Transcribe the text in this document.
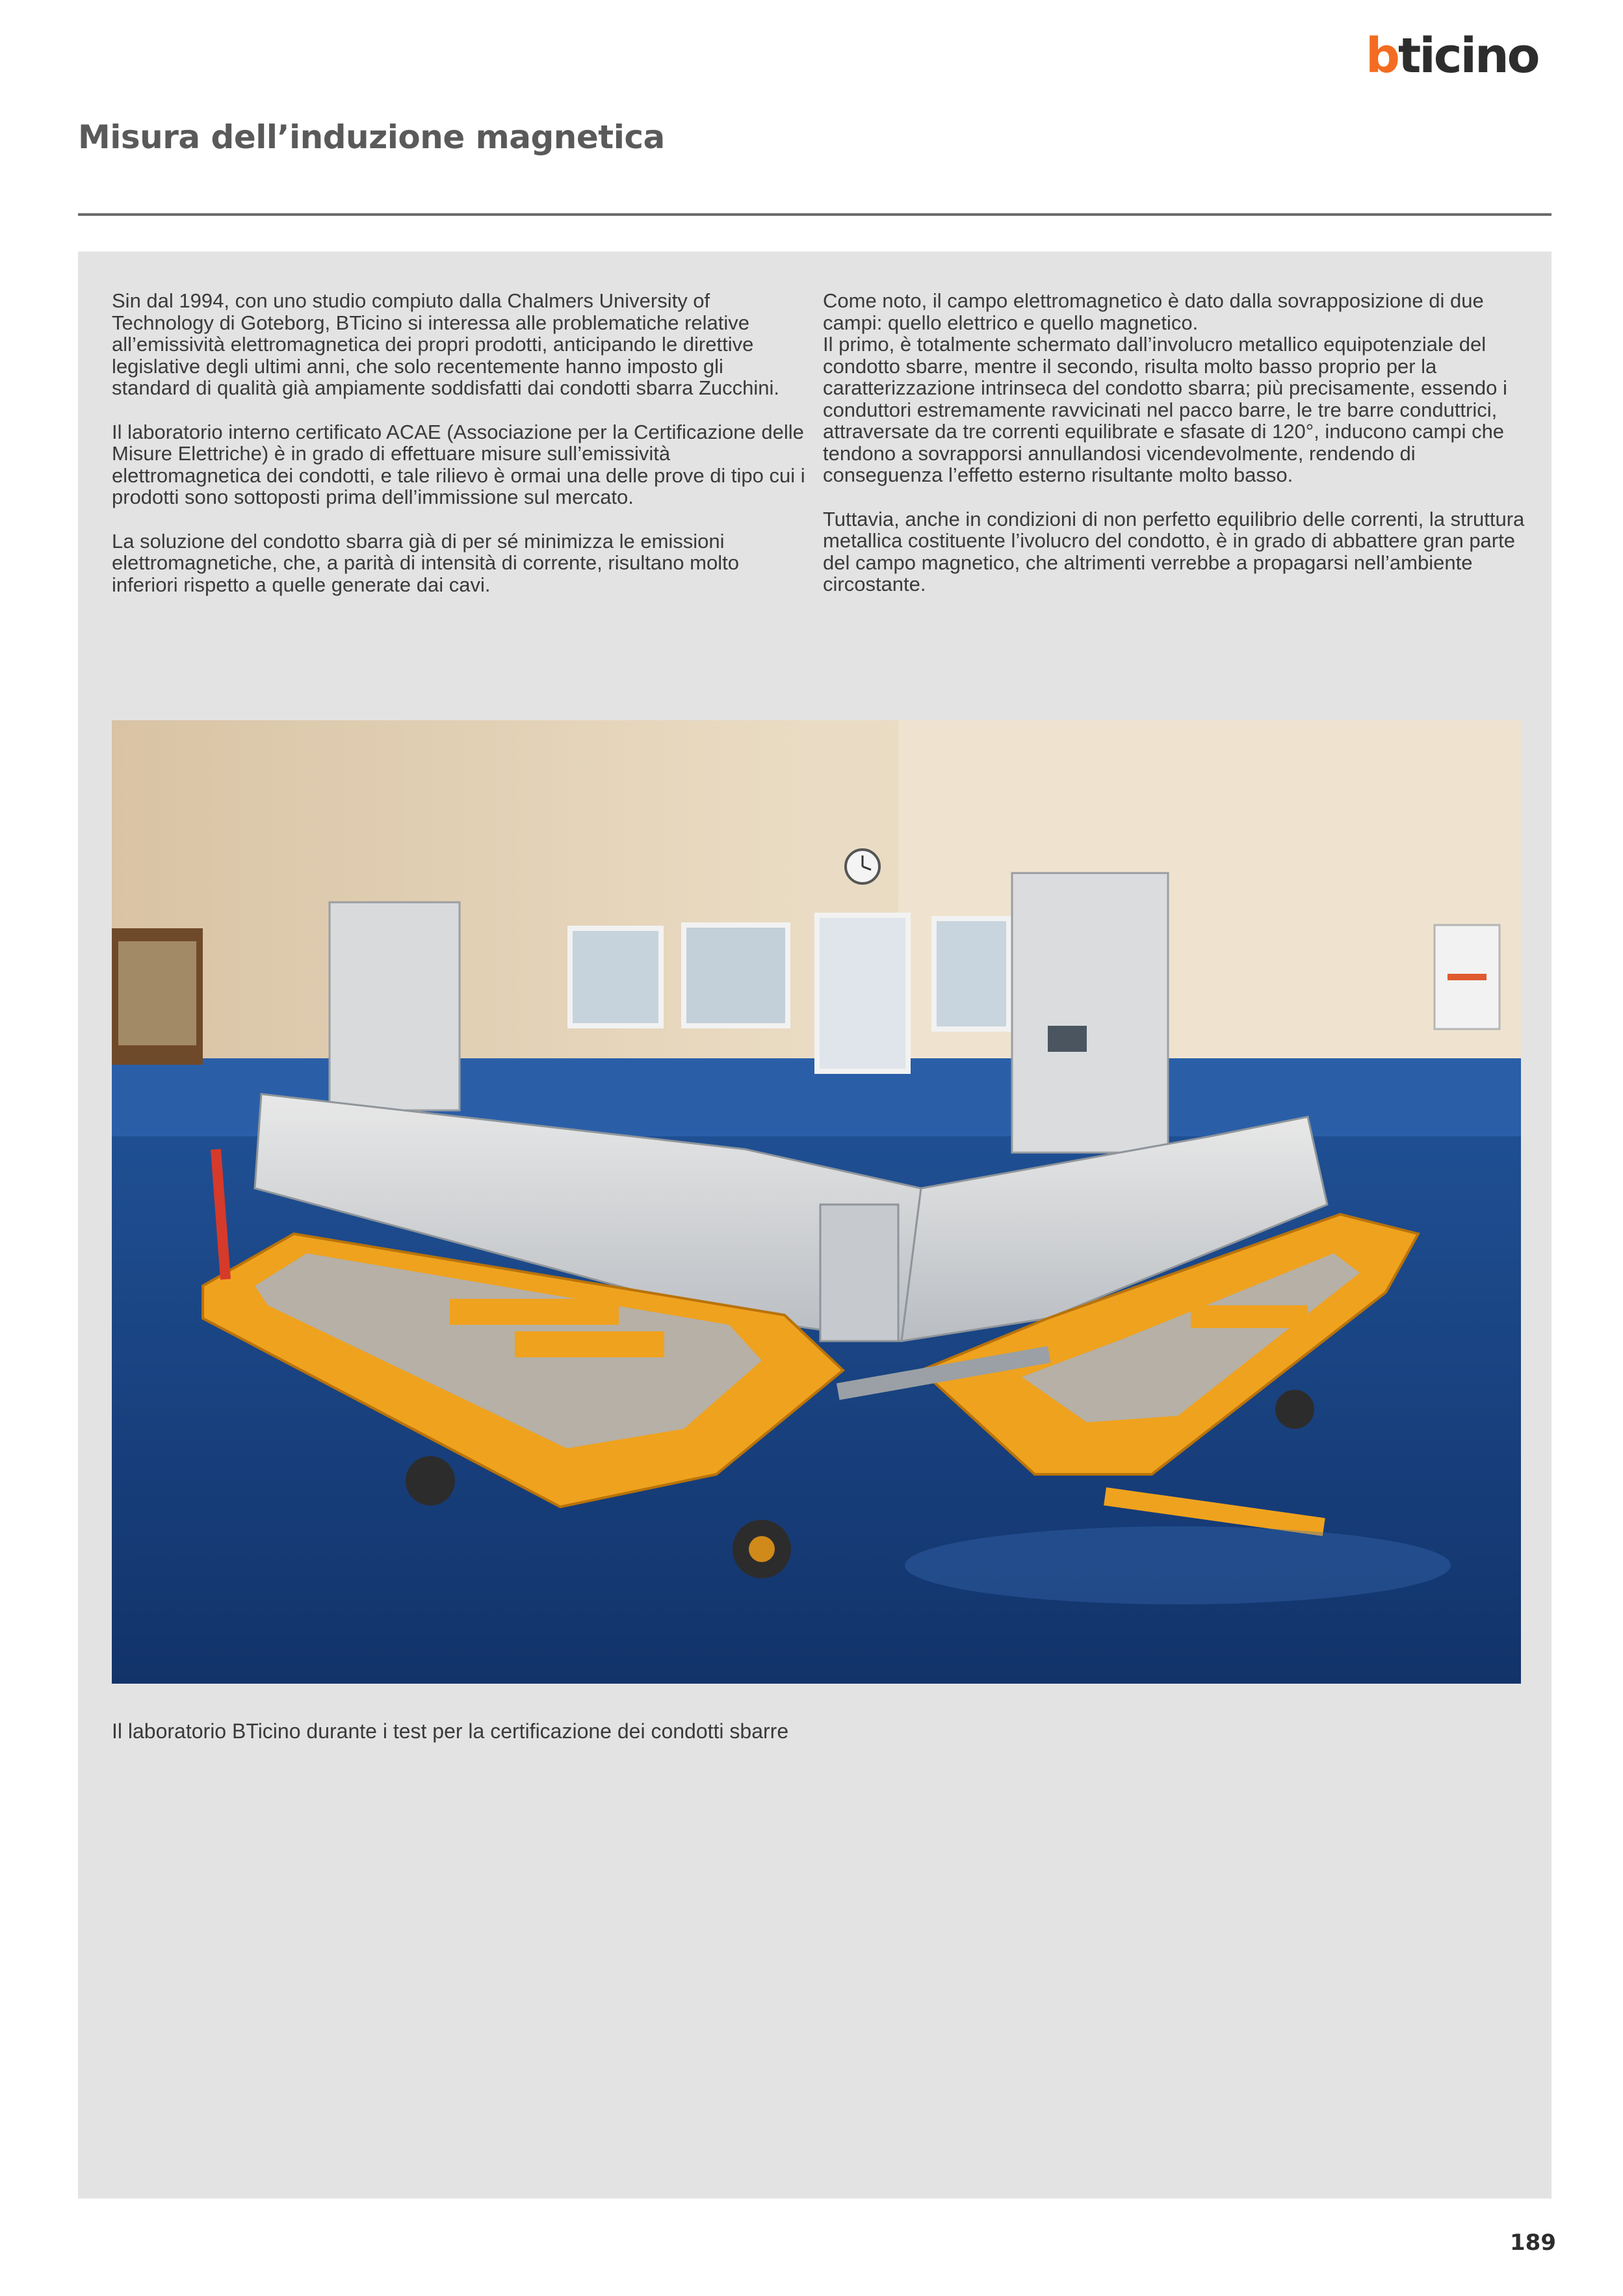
bticino
Misura dell’induzione magnetica

Sin dal 1994, con uno studio compiuto dalla Chalmers University of Technology di Goteborg, BTicino si interessa alle problematiche relative all’emissività elettromagnetica dei propri prodotti, anticipando le direttive legislative degli ultimi anni, che solo recentemente hanno imposto gli standard di qualità già ampiamente soddisfatti dai condotti sbarra Zucchini.

Il laboratorio interno certificato ACAE (Associazione per la Certificazione delle Misure Elettriche) è in grado di effettuare misure sull’emissività elettromagnetica dei condotti, e tale rilievo è ormai una delle prove di tipo cui i prodotti sono sottoposti prima dell’immissione sul mercato.

La soluzione del condotto sbarra già di per sé minimizza le emissioni elettromagnetiche, che, a parità di intensità di corrente, risultano molto inferiori rispetto a quelle generate dai cavi.

Come noto, il campo elettromagnetico è dato dalla sovrapposizione di due campi: quello elettrico e quello magnetico.

Il primo, è totalmente schermato dall’involucro metallico equipotenziale del condotto sbarre, mentre il secondo, risulta molto basso proprio per la caratterizzazione intrinseca del condotto sbarra; più precisamente, essendo i conduttori estremamente ravvicinati nel pacco barre, le tre barre conduttrici, attraversate da tre correnti equilibrate e sfasate di 120°, inducono campi che tendono a sovrapporsi annullandosi vicendevolmente, rendendo di conseguenza l’effetto esterno risultante molto basso.

Tuttavia, anche in condizioni di non perfetto equilibrio delle correnti, la struttura metallica costituente l’ivolucro del condotto, è in grado di abbattere gran parte del campo magnetico, che altrimenti verrebbe a propagarsi nell’ambiente circostante.

Il laboratorio BTicino durante i test per la certificazione dei condotti sbarre
189
